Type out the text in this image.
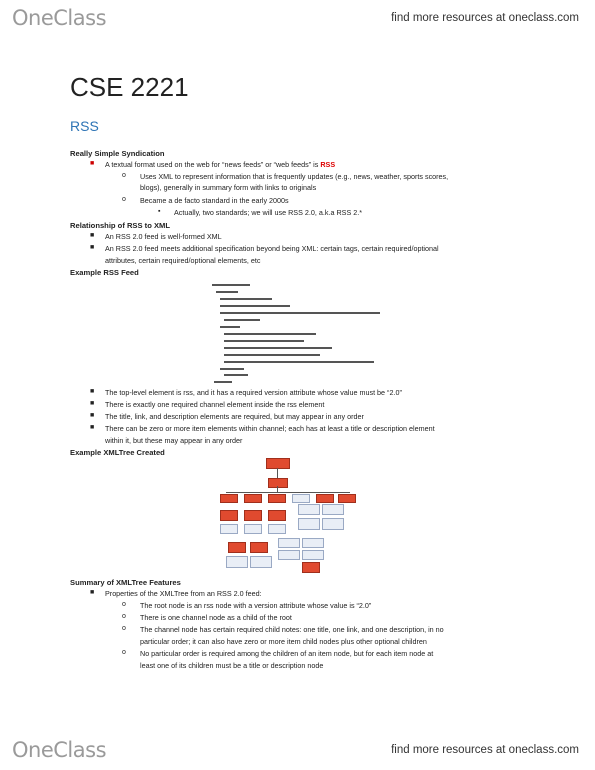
OneClass	find more resources at oneclass.com
CSE 2221
RSS
Really Simple Syndication
■ A textual format used on the web for “news feeds” or “web feeds” is RSS
o Uses XML to represent information that is frequently updates (e.g., news, weather, sports scores,
blogs), generally in summary form with links to originals
o Became a de facto standard in the early 2000s
▪ Actually, two standards; we will use RSS 2.0, a.k.a RSS 2.*
Relationship of RSS to XML
■ An RSS 2.0 feed is well-formed XML
■ An RSS 2.0 feed meets additional specification beyond being XML: certain tags, certain required/optional
attributes, certain required/optional elements, etc
Example RSS Feed
■ The top-level element is rss, and it has a required version attribute whose value must be “2.0”
■ There is exactly one required channel element inside the rss element
■ The title, link, and description elements are required, but may appear in any order
■ There can be zero or more item elements within channel; each has at least a title or description element
within it, but these may appear in any order
Example XMLTree Created
Summary of XMLTree Features
■ Properties of the XMLTree from an RSS 2.0 feed:
o The root node is an rss node with a version attribute whose value is “2.0”
o There is one channel node as a child of the root
o The channel node has certain required child notes: one title, one link, and one description, in no
particular order; it can also have zero or more item child nodes plus other optional children
o No particular order is required among the children of an item node, but for each item node at
least one of its children must be a title or description node
OneClass	find more resources at oneclass.com
